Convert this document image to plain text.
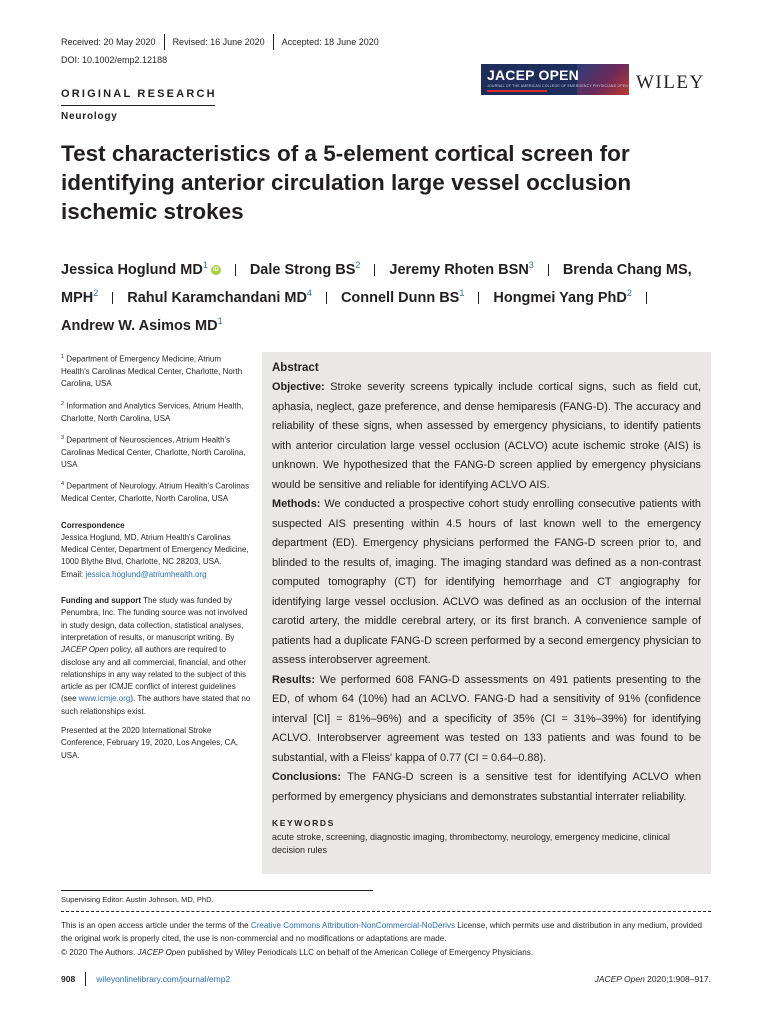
Received: 20 May 2020 Revised: 16 June 2020 Accepted: 18 June 2020
DOI: 10.1002/emp2.12188
JACEP OPEN
JOURNAL OF THE AMERICAN COLLEGE OF EMERGENCY PHYSICIANS OPEN WILEY
ORIGINAL RESEARCH
Neurology
Test characteristics of a 5-element cortical screen for identifying anterior circulation large vessel occlusion ischemic strokes
Jessica Hoglund $MD^1$ iD Dale Strong $BS^2$ Jeremy Rhoten BSN$^3$ Brenda Chang MS, MPH$^2$ Rahul Karamchandani $MD^4$ Connell Dunn $BS^1$ Hongmei Yang PhD$^2$
Andrew W. Asimos $MD^1$

$^1$ Department of Emergency Medicine, Atrium Health's Carolinas Medical Center, Charlotte, North Carolina, USA

$^2$ Information and Analytics Services, Atrium Health, Charlotte, North Carolina, USA

$^3$ Department of Neurosciences, Atrium Health's Carolinas Medical Center, Charlotte, North Carolina, USA

$^4$ Department of Neurology, Atrium Health's Carolinas Medical Center, Charlotte, North Carolina, USA

Correspondence
Jessica Hoglund, MD, Atrium Health's Carolinas Medical Center, Department of Emergency Medicine, 1000 Blythe Blvd, Charlotte, NC 28203, USA.
Email: jessica.hoglund@atriumhealth.org

Funding and support The study was funded by Penumbra, Inc. The funding source was not involved in study design, data collection, statistical analyses, interpretation of results, or manuscript writing. By JACEP Open policy, all authors are required to disclose any and all commercial, financial, and other relationships in any way related to the subject of this article as per ICMJE conflict of interest guidelines (see www.icmje.org). The authors have stated that no such relationships exist.

Presented at the 2020 International Stroke Conference, February 19, 2020, Los Angeles, CA, USA.

Abstract
Objective: Stroke severity screens typically include cortical signs, such as field cut, aphasia, neglect, gaze preference, and dense hemiparesis (FANG-D). The accuracy and reliability of these signs, when assessed by emergency physicians, to identify patients with anterior circulation large vessel occlusion (ACLVO) acute ischemic stroke (AIS) is unknown. We hypothesized that the FANG-D screen applied by emergency physicians would be sensitive and reliable for identifying ACLVO AIS.
Methods: We conducted a prospective cohort study enrolling consecutive patients with suspected AIS presenting within 4.5 hours of last known well to the emergency department (ED). Emergency physicians performed the FANG-D screen prior to, and blinded to the results of, imaging. The imaging standard was defined as a non-contrast computed tomography (CT) for identifying hemorrhage and CT angiography for identifying large vessel occlusion. ACLVO was defined as an occlusion of the internal carotid artery, the middle cerebral artery, or its first branch. A convenience sample of patients had a duplicate FANG-D screen performed by a second emergency physician to assess interobserver agreement.
Results: We performed 608 FANG-D assessments on 491 patients presenting to the ED, of whom 64 (10%) had an ACLVO. FANG-D had a sensitivity of 91% (confidence interval [CI] = 81%–96%) and a specificity of 35% (CI = 31%–39%) for identifying ACLVO. Interobserver agreement was tested on 133 patients and was found to be substantial, with a Fleiss' kappa of 0.77 (CI = 0.64–0.88).
Conclusions: The FANG-D screen is a sensitive test for identifying ACLVO when performed by emergency physicians and demonstrates substantial interrater reliability.
KEYWORDS
acute stroke, screening, diagnostic imaging, thrombectomy, neurology, emergency medicine, clinical decision rules
Supervising Editor: Austin Johnson, MD, PhD.
This is an open access article under the terms of the Creative Commons Attribution-NonCommercial-NoDerivs License, which permits use and distribution in any medium, provided the original work is properly cited, the use is non-commercial and no modifications or adaptations are made.
© 2020 The Authors. JACEP Open published by Wiley Periodicals LLC on behalf of the American College of Emergency Physicians.
908 wileyonlinelibrary.com/journal/emp2	JACEP Open 2020;1:908–917.
